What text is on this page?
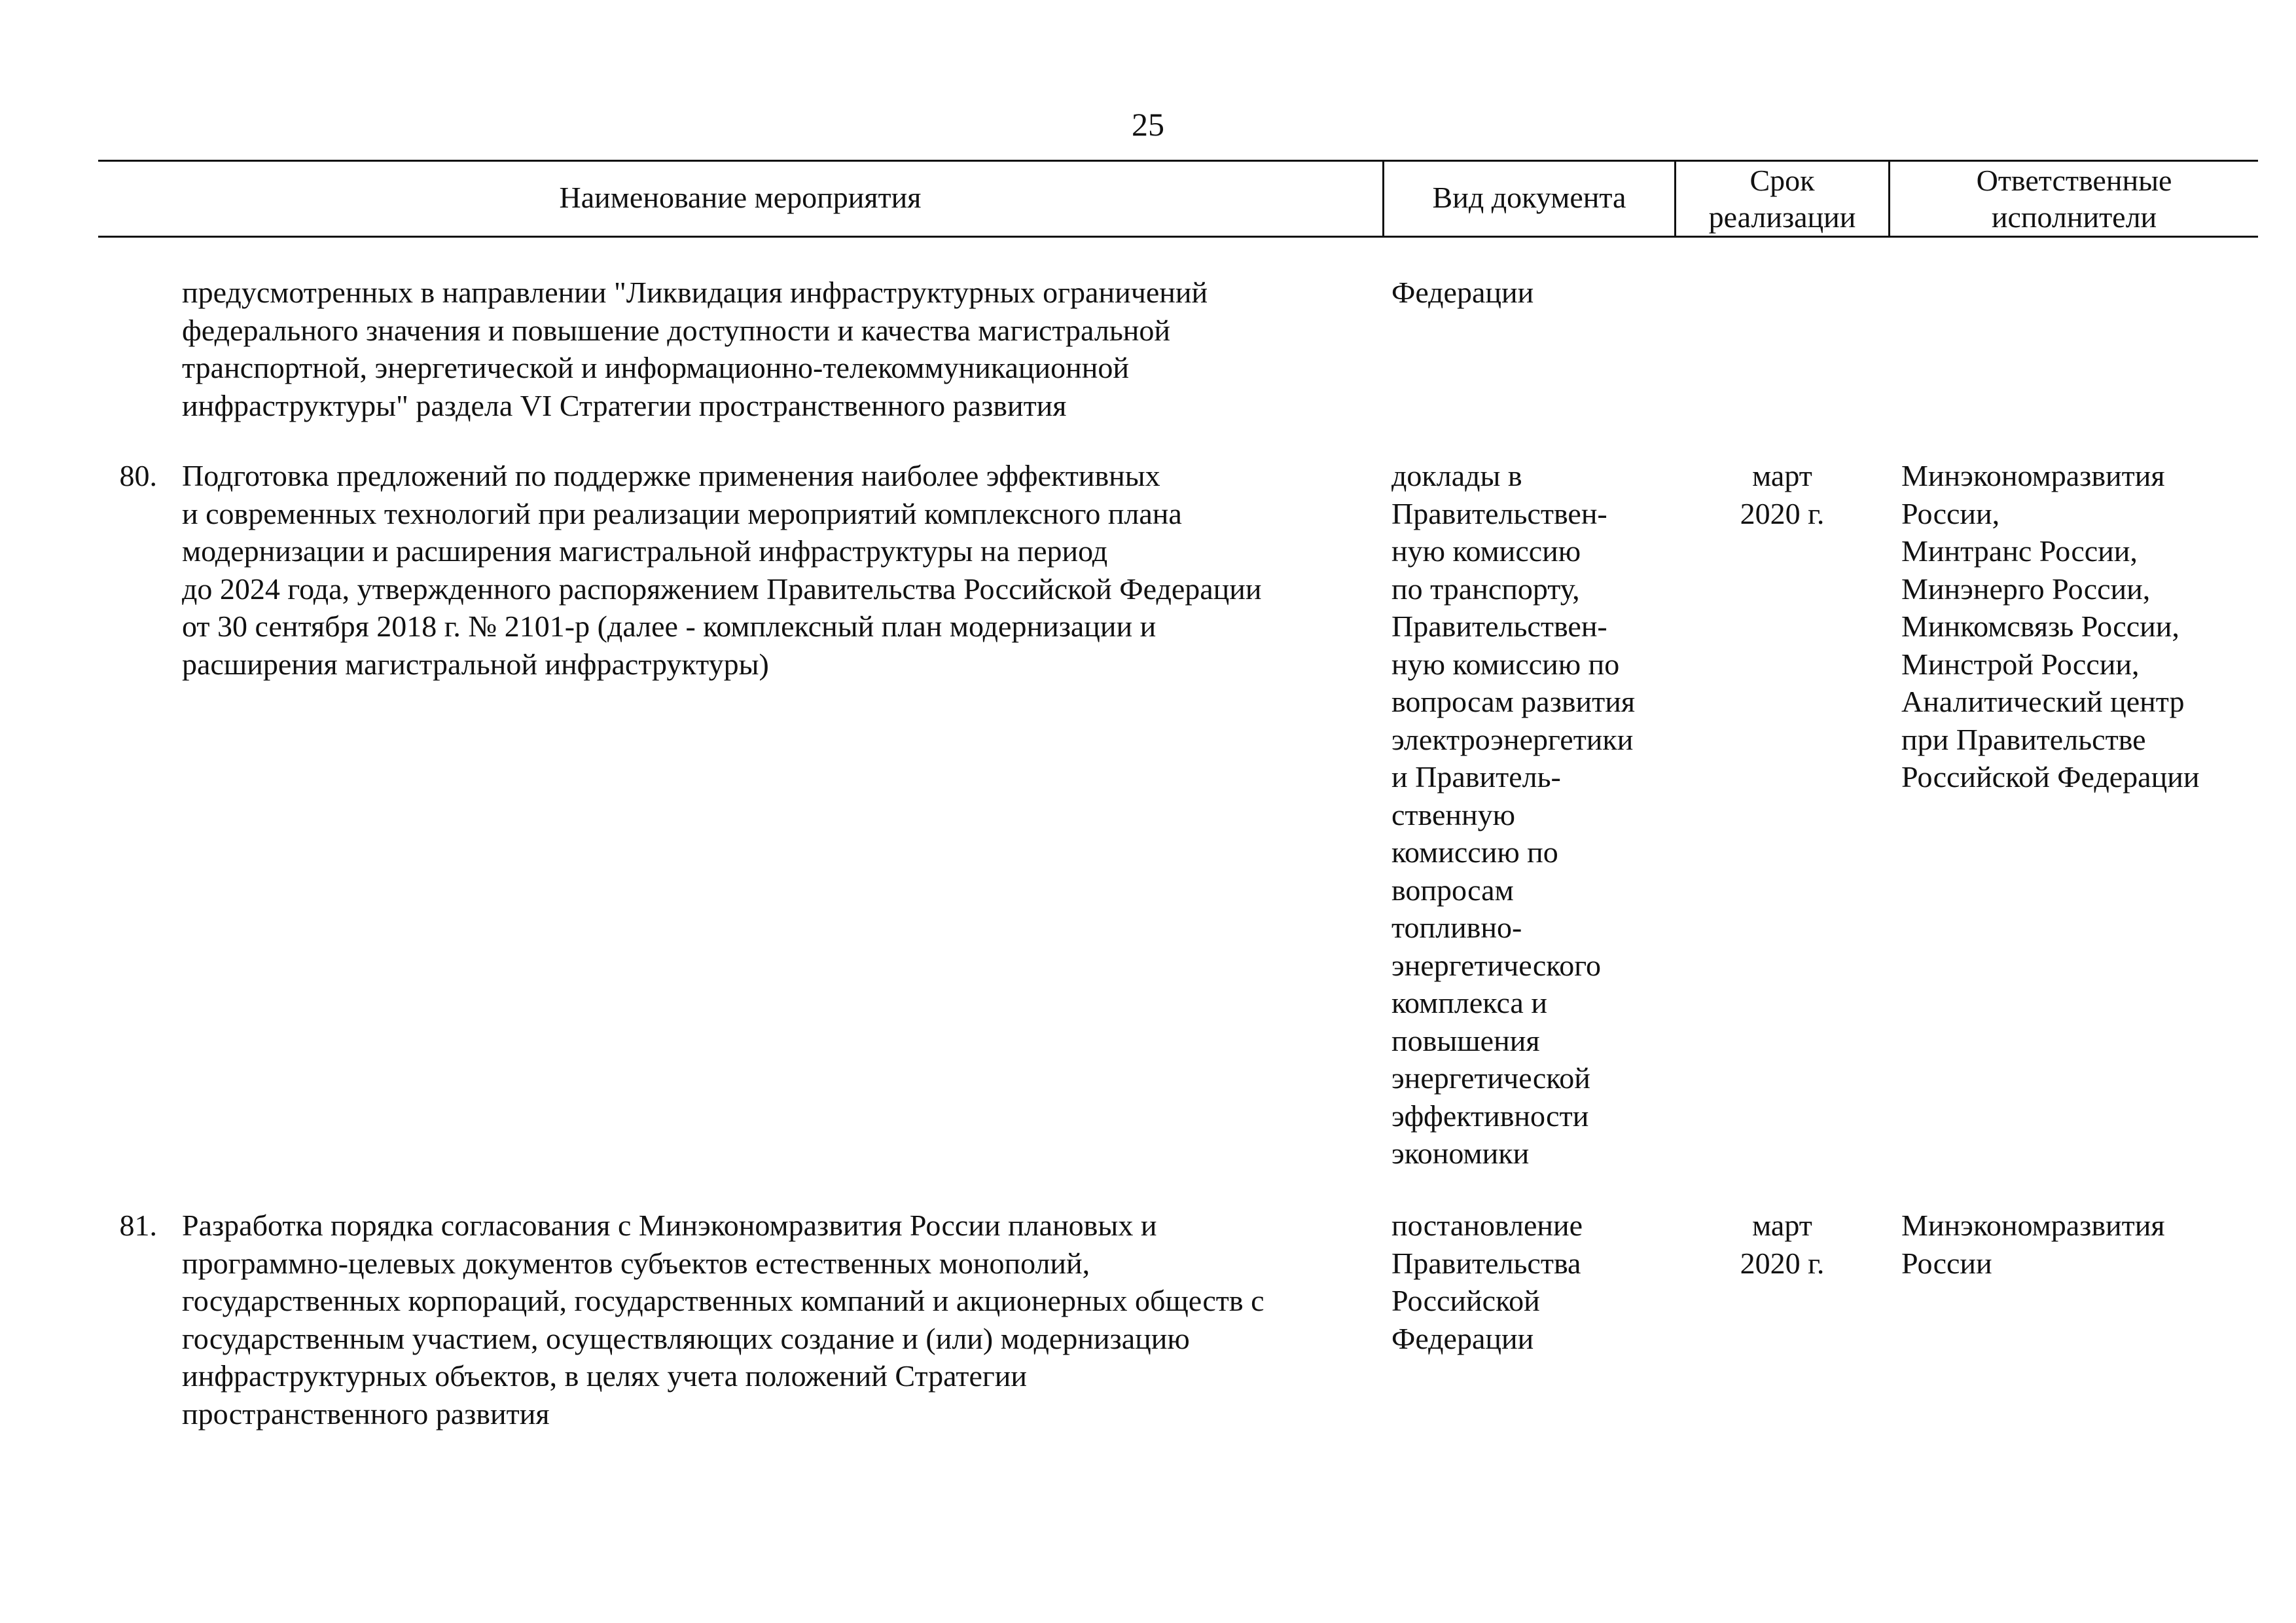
25
Наименование мероприятия	Вид документа
Срок
реализации
Ответственные
исполнители
предусмотренных в направлении "Ликвидация инфраструктурных ограничений
федерального значения и повышение доступности и качества магистральной
транспортной, энергетической и информационно-телекоммуникационной
инфраструктуры" раздела VI Стратегии пространственного развития
Федерации
80. Подготовка предложений по поддержке применения наиболее эффективных
и современных технологий при реализации мероприятий комплексного плана
модернизации и расширения магистральной инфраструктуры на период
до 2024 года, утвержденного распоряжением Правительства Российской Федерации
от 30 сентября 2018 г. № 2101-р (далее - комплексный план модернизации и
расширения магистральной инфраструктуры)
доклады в
Правительствен-
ную комиссию
по транспорту,
Правительствен-
ную комиссию по
вопросам развития
электроэнергетики
и Правитель-
ственную
комиссию по
вопросам
топливно-
энергетического
комплекса и
повышения
энергетической
эффективности
экономики
март
2020 г.
Минэкономразвития
России,
Минтранс России,
Минэнерго России,
Минкомсвязь России,
Минстрой России,
Аналитический центр
при Правительстве
Российской Федерации
81. Разработка порядка согласования с Минэкономразвития России плановых и
программно-целевых документов субъектов естественных монополий,
государственных корпораций, государственных компаний и акционерных обществ с
государственным участием, осуществляющих создание и (или) модернизацию
инфраструктурных объектов, в целях учета положений Стратегии
пространственного развития
постановление
Правительства
Российской
Федерации
март
2020 г.
Минэкономразвития
России
